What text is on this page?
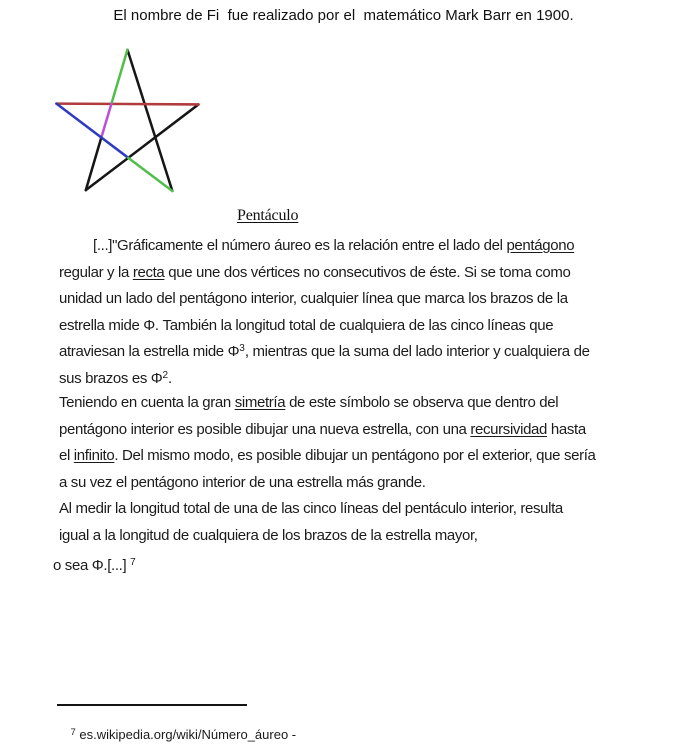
El nombre de Fi  fue realizado por el  matemático Mark Barr en 1900.
Pentáculo
[...]"Gráficamente el número áureo es la relación entre el lado del pentágono
regular y la recta que une dos vértices no consecutivos de éste. Si se toma como
unidad un lado del pentágono interior, cualquier línea que marca los brazos de la
estrella mide Φ. También la longitud total de cualquiera de las cinco líneas que
atraviesan la estrella mide $\Phi^3$, mientras que la suma del lado interior y cualquiera de
sus brazos es $\Phi^2$.
Teniendo en cuenta la gran simetría de este símbolo se observa que dentro del
pentágono interior es posible dibujar una nueva estrella, con una recursividad hasta
el infinito. Del mismo modo, es posible dibujar un pentágono por el exterior, que sería
a su vez el pentágono interior de una estrella más grande.
Al medir la longitud total de una de las cinco líneas del pentáculo interior, resulta
igual a la longitud de cualquiera de los brazos de la estrella mayor,
o sea Φ.[...] $^7$

$^7$ es.wikipedia.org/wiki/Número_áureo -
